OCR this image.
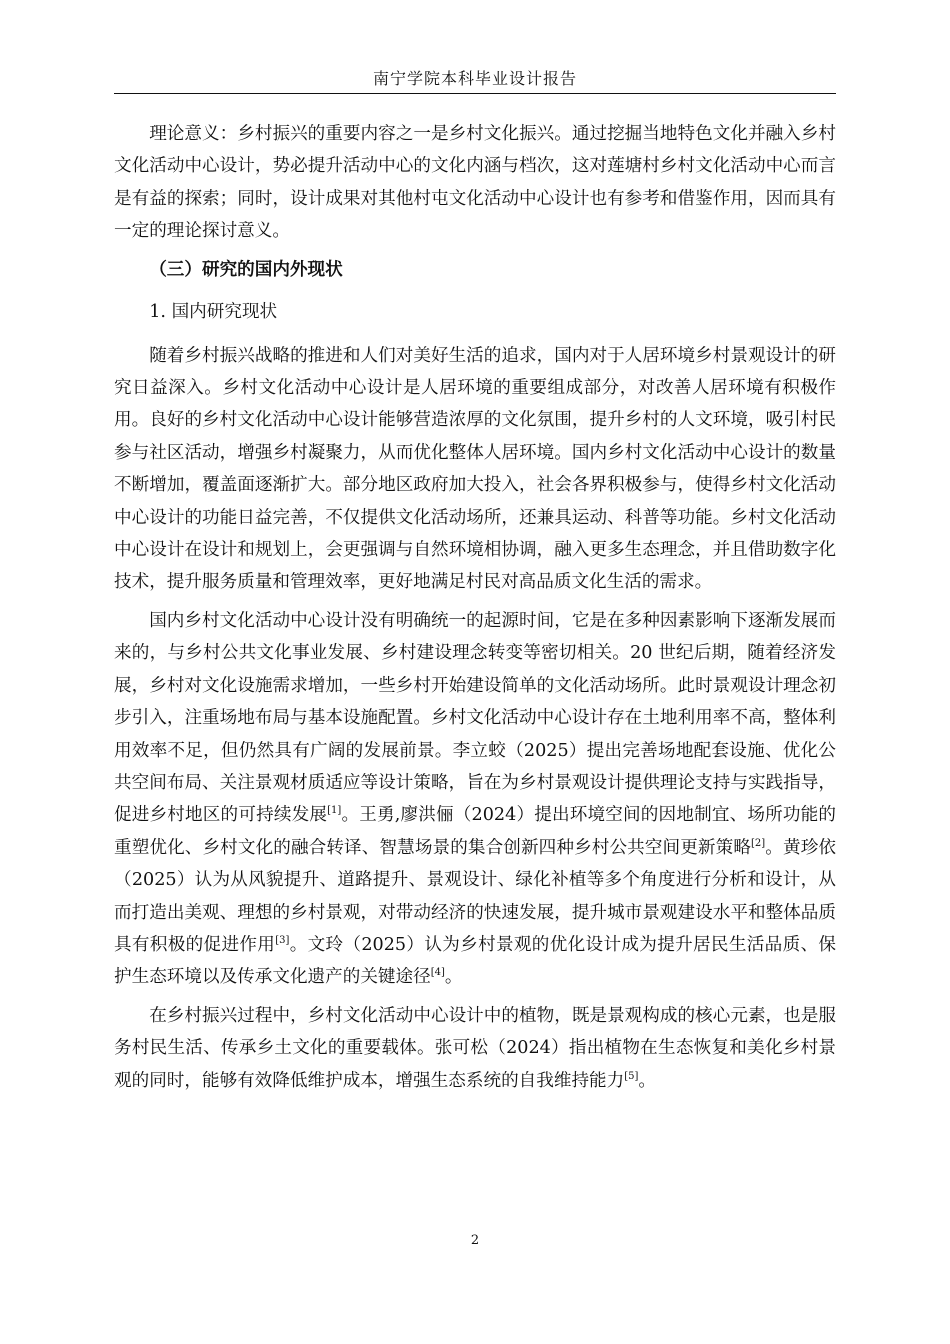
南宁学院本科毕业设计报告

理论意义：乡村振兴的重要内容之一是乡村文化振兴。通过挖掘当地特色文化并融入乡村文化活动中心设计，势必提升活动中心的文化内涵与档次，这对莲塘村乡村文化活动中心而言是有益的探索；同时，设计成果对其他村屯文化活动中心设计也有参考和借鉴作用，因而具有一定的理论探讨意义。

（三）研究的国内外现状

1. 国内研究现状

随着乡村振兴战略的推进和人们对美好生活的追求，国内对于人居环境乡村景观设计的研究日益深入。乡村文化活动中心设计是人居环境的重要组成部分，对改善人居环境有积极作用。良好的乡村文化活动中心设计能够营造浓厚的文化氛围，提升乡村的人文环境，吸引村民参与社区活动，增强乡村凝聚力，从而优化整体人居环境。国内乡村文化活动中心设计的数量不断增加，覆盖面逐渐扩大。部分地区政府加大投入，社会各界积极参与，使得乡村文化活动中心设计的功能日益完善，不仅提供文化活动场所，还兼具运动、科普等功能。乡村文化活动中心设计在设计和规划上，会更强调与自然环境相协调，融入更多生态理念，并且借助数字化技术，提升服务质量和管理效率，更好地满足村民对高品质文化生活的需求。

国内乡村文化活动中心设计没有明确统一的起源时间，它是在多种因素影响下逐渐发展而来的，与乡村公共文化事业发展、乡村建设理念转变等密切相关。20 世纪后期，随着经济发展，乡村对文化设施需求增加，一些乡村开始建设简单的文化活动场所。此时景观设计理念初步引入，注重场地布局与基本设施配置。乡村文化活动中心设计存在土地利用率不高，整体利用效率不足，但仍然具有广阔的发展前景。李立蛟（2025）提出完善场地配套设施、优化公共空间布局、关注景观材质适应等设计策略，旨在为乡村景观设计提供理论支持与实践指导，促进乡村地区的可持续发展[1]。王勇,廖洪俪（2024）提出环境空间的因地制宜、场所功能的重塑优化、乡村文化的融合转译、智慧场景的集合创新四种乡村公共空间更新策略[2]。黄珍依（2025）认为从风貌提升、道路提升、景观设计、绿化补植等多个角度进行分析和设计，从而打造出美观、理想的乡村景观，对带动经济的快速发展，提升城市景观建设水平和整体品质具有积极的促进作用[3]。文玲（2025）认为乡村景观的优化设计成为提升居民生活品质、保护生态环境以及传承文化遗产的关键途径[4]。

在乡村振兴过程中，乡村文化活动中心设计中的植物，既是景观构成的核心元素，也是服务村民生活、传承乡土文化的重要载体。张可松（2024）指出植物在生态恢复和美化乡村景观的同时，能够有效降低维护成本，增强生态系统的自我维持能力[5]。

2
